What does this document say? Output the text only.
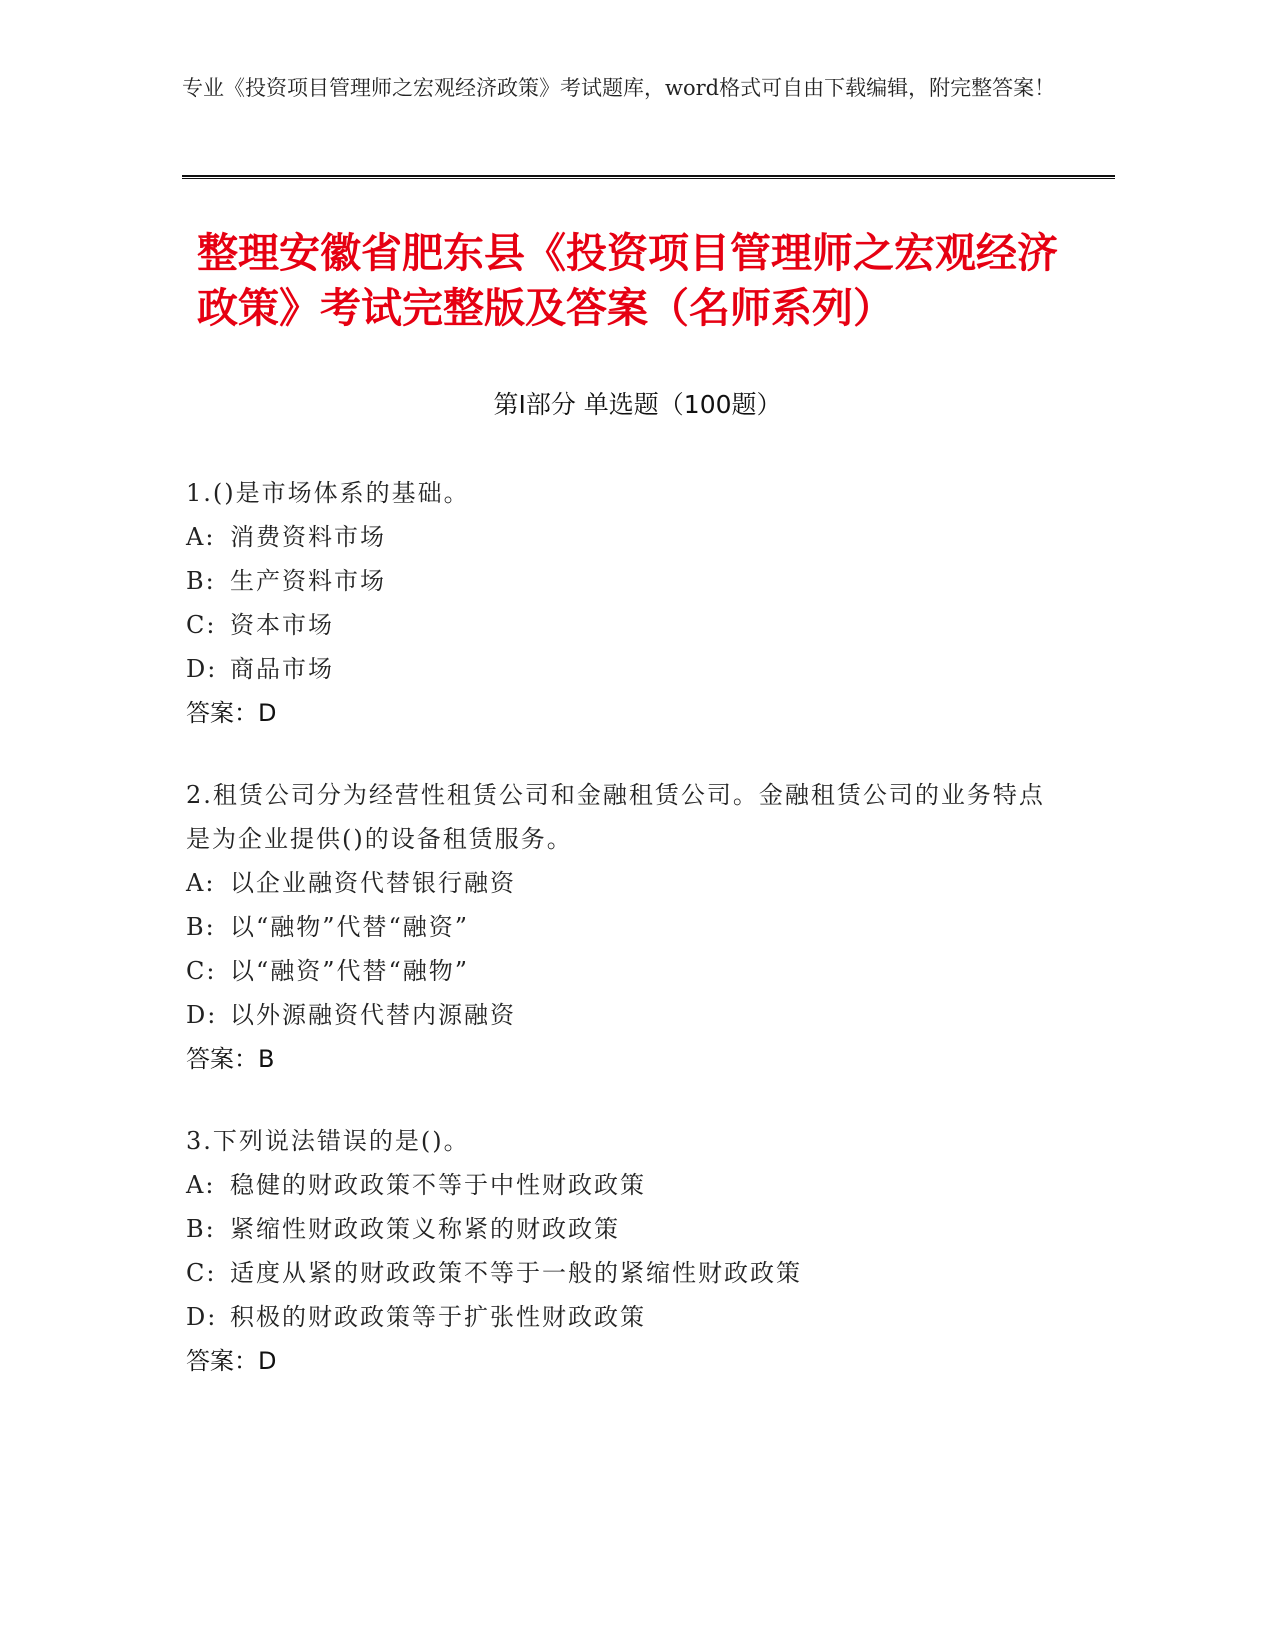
专业《投资项目管理师之宏观经济政策》考试题库，word格式可自由下载编辑，附完整答案！
整理安徽省肥东县《投资项目管理师之宏观经济政策》考试完整版及答案（名师系列）
第Ⅰ部分 单选题（100题）
1.()是市场体系的基础。
A: 消费资料市场
B: 生产资料市场
C: 资本市场
D: 商品市场
答案：D
2.租赁公司分为经营性租赁公司和金融租赁公司。金融租赁公司的业务特点是为企业提供()的设备租赁服务。
A: 以企业融资代替银行融资
B: 以“融物”代替“融资”
C: 以“融资”代替“融物”
D: 以外源融资代替内源融资
答案：B
3.下列说法错误的是()。
A: 稳健的财政政策不等于中性财政政策
B: 紧缩性财政政策义称紧的财政政策
C: 适度从紧的财政政策不等于一般的紧缩性财政政策
D: 积极的财政政策等于扩张性财政政策
答案：D
